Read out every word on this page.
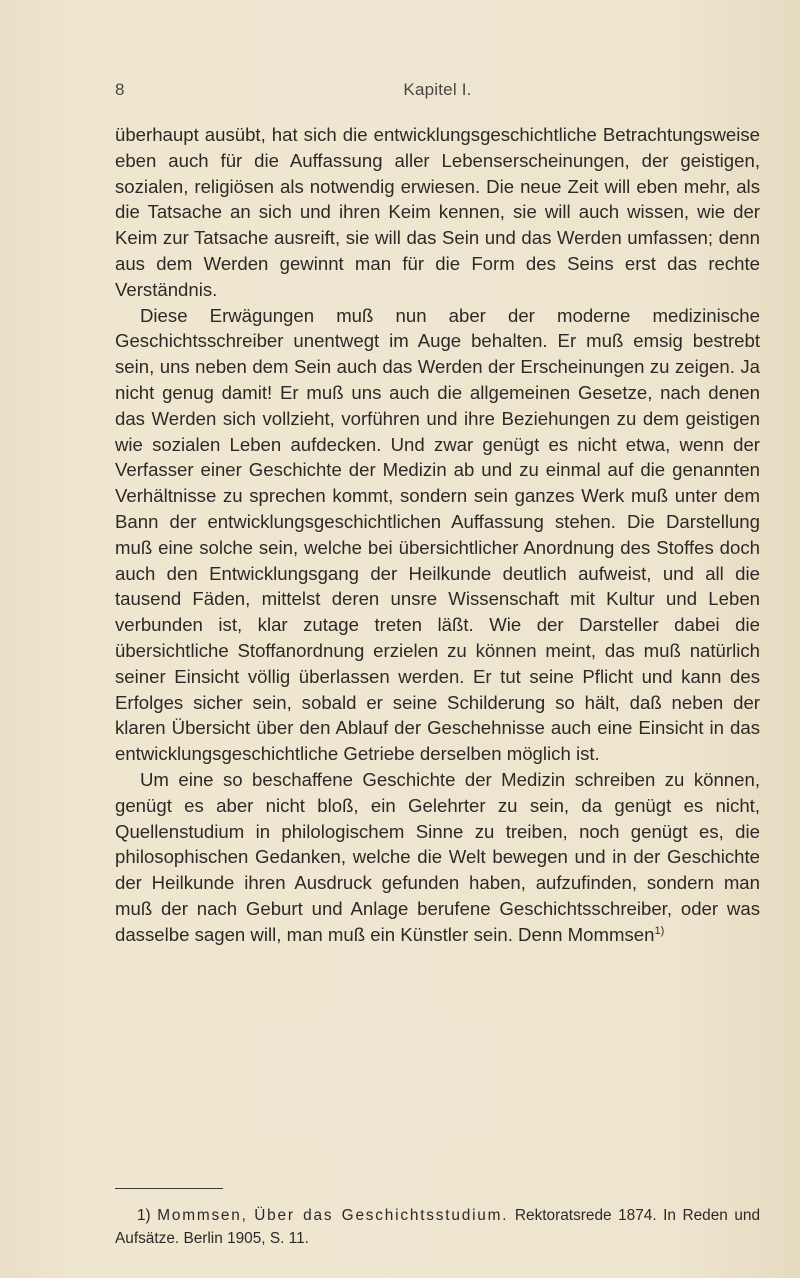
8	Kapitel I.

überhaupt ausübt, hat sich die entwicklungsgeschichtliche Betrachtungsweise eben auch für die Auffassung aller Lebenserscheinungen, der geistigen, sozialen, religiösen als notwendig erwiesen. Die neue Zeit will eben mehr, als die Tatsache an sich und ihren Keim kennen, sie will auch wissen, wie der Keim zur Tatsache ausreift, sie will das Sein und das Werden umfassen; denn aus dem Werden gewinnt man für die Form des Seins erst das rechte Verständnis.

Diese Erwägungen muß nun aber der moderne medizinische Geschichtsschreiber unentwegt im Auge behalten. Er muß emsig bestrebt sein, uns neben dem Sein auch das Werden der Erscheinungen zu zeigen. Ja nicht genug damit! Er muß uns auch die allgemeinen Gesetze, nach denen das Werden sich vollzieht, vorführen und ihre Beziehungen zu dem geistigen wie sozialen Leben aufdecken. Und zwar genügt es nicht etwa, wenn der Verfasser einer Geschichte der Medizin ab und zu einmal auf die genannten Verhältnisse zu sprechen kommt, sondern sein ganzes Werk muß unter dem Bann der entwicklungsgeschichtlichen Auffassung stehen. Die Darstellung muß eine solche sein, welche bei übersichtlicher Anordnung des Stoffes doch auch den Entwicklungsgang der Heilkunde deutlich aufweist, und all die tausend Fäden, mittelst deren unsre Wissenschaft mit Kultur und Leben verbunden ist, klar zutage treten läßt. Wie der Darsteller dabei die übersichtliche Stoffanordnung erzielen zu können meint, das muß natürlich seiner Einsicht völlig überlassen werden. Er tut seine Pflicht und kann des Erfolges sicher sein, sobald er seine Schilderung so hält, daß neben der klaren Übersicht über den Ablauf der Geschehnisse auch eine Einsicht in das entwicklungsgeschichtliche Getriebe derselben möglich ist.

Um eine so beschaffene Geschichte der Medizin schreiben zu können, genügt es aber nicht bloß, ein Gelehrter zu sein, da genügt es nicht, Quellenstudium in philologischem Sinne zu treiben, noch genügt es, die philosophischen Gedanken, welche die Welt bewegen und in der Geschichte der Heilkunde ihren Ausdruck gefunden haben, aufzufinden, sondern man muß der nach Geburt und Anlage berufene Geschichtsschreiber, oder was dasselbe sagen will, man muß ein Künstler sein. Denn Mommsen$^{1)}$

1) Mommsen, Über das Geschichtsstudium. Rektoratsrede 1874. In Reden und Aufsätze. Berlin 1905, S. 11.
